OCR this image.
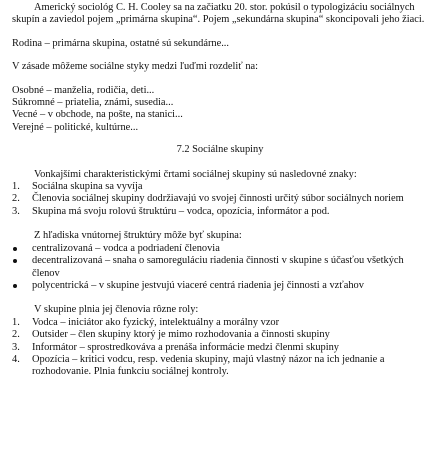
Americký sociológ C. H. Cooley sa na začiatku 20. stor. pokúsil o typologizáciu sociálnych skupín a zaviedol pojem „primárna skupina“. Pojem „sekundárna skupina“ skoncipovali jeho žiaci.

Rodina – primárna skupina, ostatné sú sekundárne...

V zásade môžeme sociálne styky medzi ľuďmi rozdeliť na:

Osobné – manželia, rodičia, deti...

Súkromné – priatelia, známi, susedia...

Vecné – v obchode, na pošte, na stanici...

Verejné – politické, kultúrne...

7.2 Sociálne skupiny

Vonkajšími charakteristickými črtami sociálnej skupiny sú nasledovné znaky:

1.	Sociálna skupina sa vyvíja
2.	Členovia sociálnej skupiny dodržiavajú vo svojej činnosti určitý súbor sociálnych noriem
3.	Skupina má svoju rolovú štruktúru – vodca, opozícia, informátor a pod.

Z hľadiska vnútornej štruktúry môže byť skupina:

centralizovaná – vodca a podriadení členovia
decentralizovaná – snaha o samoreguláciu riadenia činnosti v skupine s účasťou všetkých členov
polycentrická – v skupine jestvujú viaceré centrá riadenia jej činnosti a vzťahov

V skupine plnia jej členovia rôzne roly:

1.	Vodca – iniciátor ako fyzický, intelektuálny a morálny vzor
2.	Outsider – člen skupiny ktorý je mimo rozhodovania a činnosti skupiny
3.	Informátor – sprostredkováva a prenáša informácie medzi členmi skupiny
4.	Opozícia – kritici vodcu, resp. vedenia skupiny, majú vlastný názor na ich jednanie a rozhodovanie. Plnia funkciu sociálnej kontroly.
